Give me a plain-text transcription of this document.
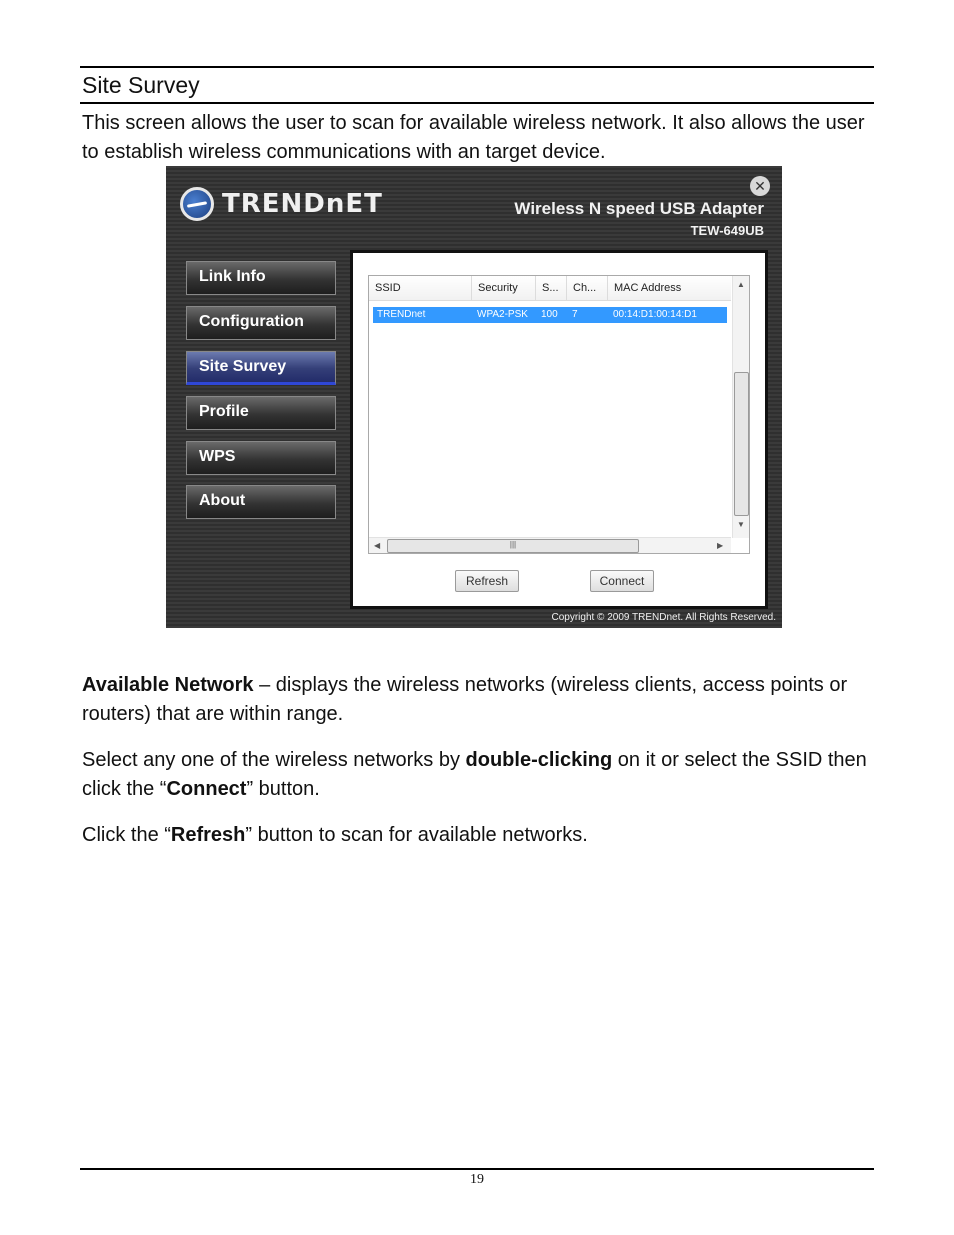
Site Survey
This screen allows the user to scan for available wireless network. It also allows the user to establish wireless communications with an target device.
TRENDnET
✕
Wireless N speed USB Adapter
TEW-649UB
Link Info
Configuration
Site Survey
Profile
WPS
About
SSID	Security	S...	Ch...	MAC Address
TRENDnet	WPA2-PSK	100	7	00:14:D1:00:14:D1
▲
▼
◀	|||	▶
Refresh	Connect
Copyright © 2009 TRENDnet. All Rights Reserved.
Available Network – displays the wireless networks (wireless clients, access points or routers) that are within range.
Select any one of the wireless networks by double-clicking on it or select the SSID then click the “Connect” button.
Click the “Refresh” button to scan for available networks.
19
